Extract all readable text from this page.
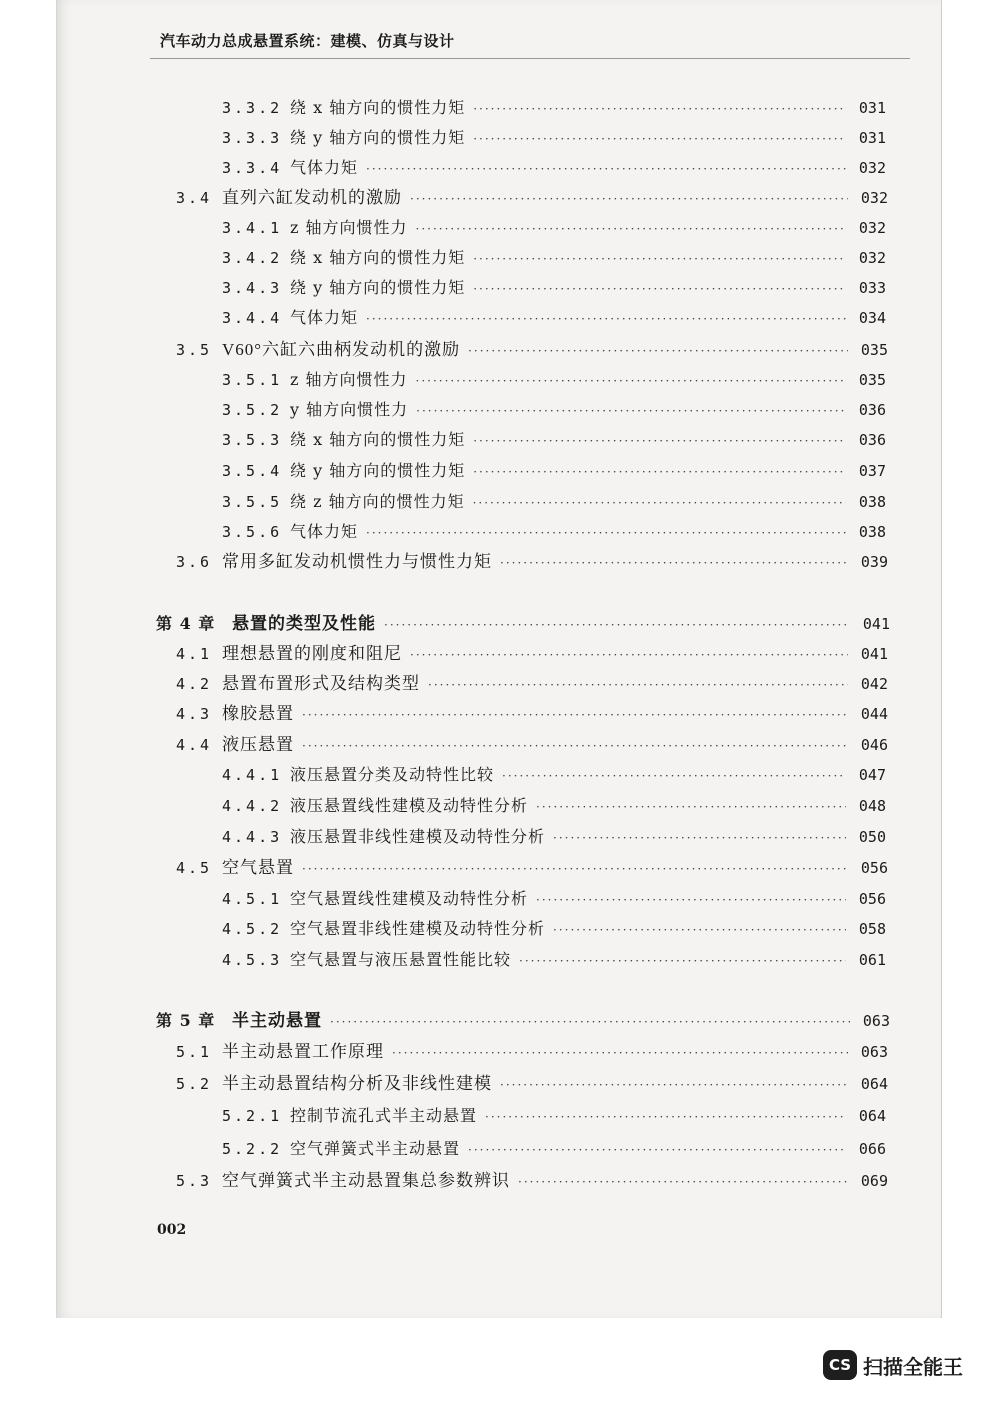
汽车动力总成悬置系统：建模、仿真与设计
3.3.2 绕 x 轴方向的惯性力矩 ·····	031
3.3.3 绕 y 轴方向的惯性力矩 ·····	031
3.3.4 气体力矩 ·····	032
3.4 直列六缸发动机的激励 ·····	032
3.4.1 z 轴方向惯性力 ·····	032
3.4.2 绕 x 轴方向的惯性力矩 ·····	032
3.4.3 绕 y 轴方向的惯性力矩 ·····	033
3.4.4 气体力矩 ·····	034
3.5 V60°六缸六曲柄发动机的激励 ·····	035
3.5.1 z 轴方向惯性力 ·····	035
3.5.2 y 轴方向惯性力 ·····	036
3.5.3 绕 x 轴方向的惯性力矩 ·····	036
3.5.4 绕 y 轴方向的惯性力矩 ·····	037
3.5.5 绕 z 轴方向的惯性力矩 ·····	038
3.5.6 气体力矩 ·····	038
3.6 常用多缸发动机惯性力与惯性力矩 ·····	039
第 4 章 悬置的类型及性能 ·····	041
4.1 理想悬置的刚度和阻尼 ·····	041
4.2 悬置布置形式及结构类型 ·····	042
4.3 橡胶悬置 ·····	044
4.4 液压悬置 ·····	046
4.4.1 液压悬置分类及动特性比较 ·····	047
4.4.2 液压悬置线性建模及动特性分析 ·····	048
4.4.3 液压悬置非线性建模及动特性分析 ·····	050
4.5 空气悬置 ·····	056
4.5.1 空气悬置线性建模及动特性分析 ·····	056
4.5.2 空气悬置非线性建模及动特性分析 ·····	058
4.5.3 空气悬置与液压悬置性能比较 ·····	061
第 5 章 半主动悬置 ·····	063
5.1 半主动悬置工作原理 ·····	063
5.2 半主动悬置结构分析及非线性建模 ·····	064
5.2.1 控制节流孔式半主动悬置 ·····	064
5.2.2 空气弹簧式半主动悬置 ·····	066
5.3 空气弹簧式半主动悬置集总参数辨识 ·····	069
002
CS 扫描全能王
